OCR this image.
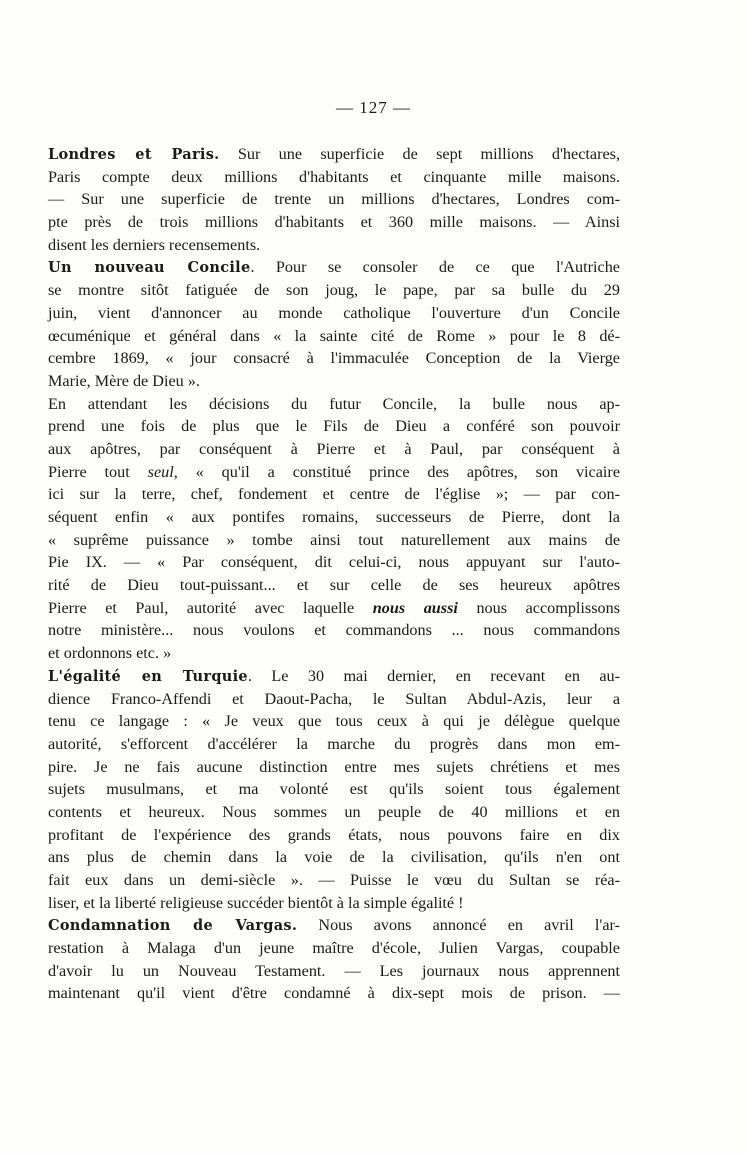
— 127 —
Londres et Paris. Sur une superficie de sept millions d'hectares,
Paris compte deux millions d'habitants et cinquante mille maisons.
— Sur une superficie de trente un millions d'hectares, Londres com-
pte près de trois millions d'habitants et 360 mille maisons. — Ainsi
disent les derniers recensements.
Un nouveau Concile. Pour se consoler de ce que l'Autriche
se montre sitôt fatiguée de son joug, le pape, par sa bulle du 29
juin, vient d'annoncer au monde catholique l'ouverture d'un Concile
œcuménique et général dans « la sainte cité de Rome » pour le 8 dé-
cembre 1869, « jour consacré à l'immaculée Conception de la Vierge
Marie, Mère de Dieu ».
En attendant les décisions du futur Concile, la bulle nous ap-
prend une fois de plus que le Fils de Dieu a conféré son pouvoir
aux apôtres, par conséquent à Pierre et à Paul, par conséquent à
Pierre tout seul, « qu'il a constitué prince des apôtres, son vicaire
ici sur la terre, chef, fondement et centre de l'église »; — par con-
séquent enfin « aux pontifes romains, successeurs de Pierre, dont la
« suprême puissance » tombe ainsi tout naturellement aux mains de
Pie IX. — « Par conséquent, dit celui-ci, nous appuyant sur l'auto-
rité de Dieu tout-puissant... et sur celle de ses heureux apôtres
Pierre et Paul, autorité avec laquelle nous aussi nous accomplissons
notre ministère... nous voulons et commandons ... nous commandons
et ordonnons etc. »
L'égalité en Turquie. Le 30 mai dernier, en recevant en au-
dience Franco-Affendi et Daout-Pacha, le Sultan Abdul-Azis, leur a
tenu ce langage : « Je veux que tous ceux à qui je délègue quelque
autorité, s'efforcent d'accélérer la marche du progrès dans mon em-
pire. Je ne fais aucune distinction entre mes sujets chrétiens et mes
sujets musulmans, et ma volonté est qu'ils soient tous également
contents et heureux. Nous sommes un peuple de 40 millions et en
profitant de l'expérience des grands états, nous pouvons faire en dix
ans plus de chemin dans la voie de la civilisation, qu'ils n'en ont
fait eux dans un demi-siècle ». — Puisse le vœu du Sultan se réa-
liser, et la liberté religieuse succéder bientôt à la simple égalité !
Condamnation de Vargas. Nous avons annoncé en avril l'ar-
restation à Malaga d'un jeune maître d'école, Julien Vargas, coupable
d'avoir lu un Nouveau Testament. — Les journaux nous apprennent
maintenant qu'il vient d'être condamné à dix-sept mois de prison. —
